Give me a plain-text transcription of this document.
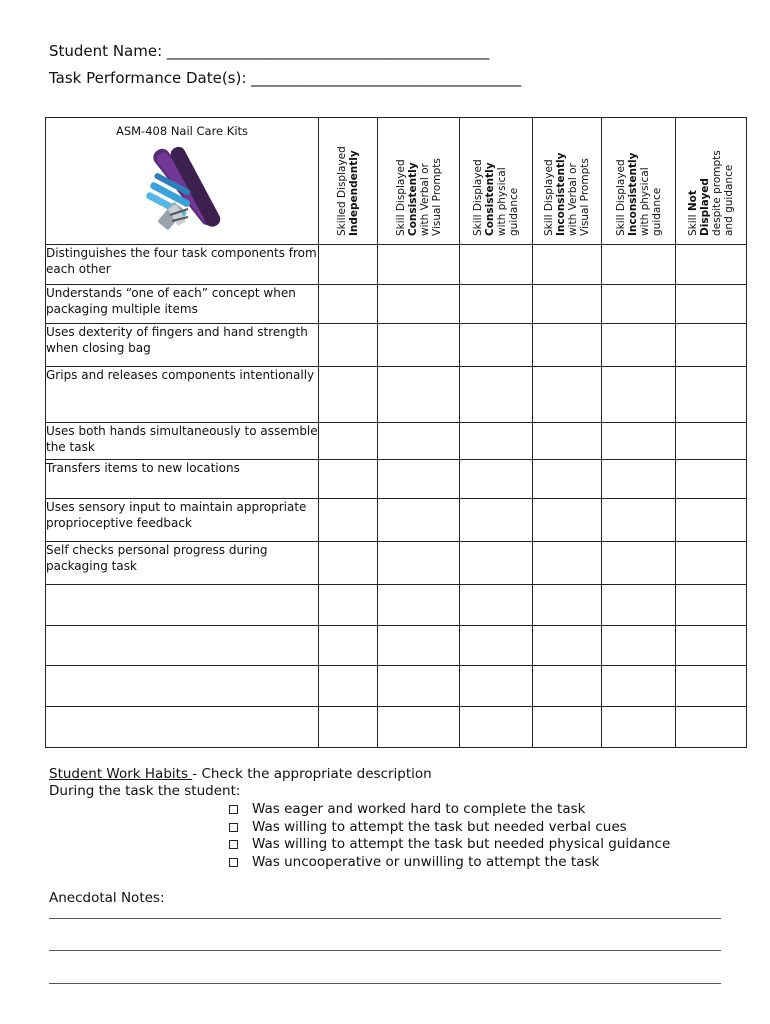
Student Name: ___________________________________________
Task Performance Date(s): ____________________________________
ASM-408 Nail Care Kits	Skilled Displayed Independently	Skill Displayed Consistently with Verbal or Visual Prompts	Skill Displayed Consistently with physical guidance	Skill Displayed Inconsistently with Verbal or Visual Prompts	Skill Displayed Inconsistently with physical guidance	Skill Not Displayed despite prompts and guidance

Distinguishes the four task components from each other						
Understands “one of each” concept when packaging multiple items						
Uses dexterity of fingers and hand strength when closing bag						
Grips and releases components intentionally						
Uses both hands simultaneously to assemble the task						
Transfers items to new locations						
Uses sensory input to maintain appropriate proprioceptive feedback						
Self checks personal progress during packaging task						

Student Work Habits - Check the appropriate description
During the task the student:
Was eager and worked hard to complete the task
Was willing to attempt the task but needed verbal cues
Was willing to attempt the task but needed physical guidance
Was uncooperative or unwilling to attempt the task
Anecdotal Notes:
